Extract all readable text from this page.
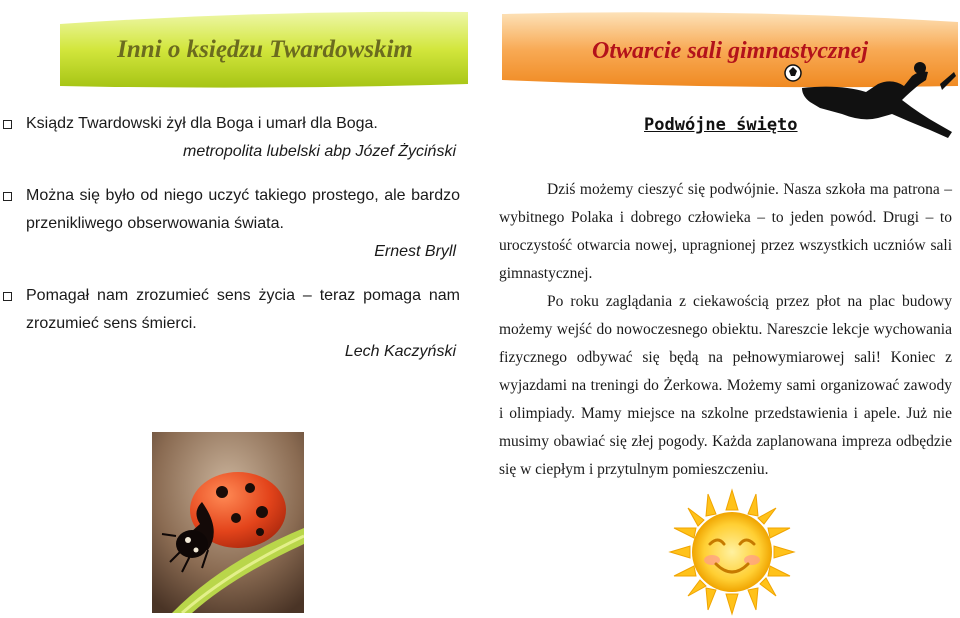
Inni o księdzu Twardowskim	Otwarcie sali gimnastycznej
Ksiądz Twardowski żył dla Boga i umarł dla Boga.
metropolita lubelski abp Józef Życiński
Można się było od niego uczyć takiego prostego, ale bardzo przenikliwego obserwowania świata.
Ernest Bryll
Pomagał nam zrozumieć sens życia – teraz pomaga nam zrozumieć sens śmierci.
Lech Kaczyński
Podwójne święto

Dziś możemy cieszyć się podwójnie. Nasza szkoła ma patrona – wybitnego Polaka i dobrego człowieka – to jeden powód. Drugi – to uroczystość otwarcia nowej, upragnionej przez wszystkich uczniów sali gimnastycznej.

Po roku zaglądania z ciekawością przez płot na plac budowy możemy wejść do nowoczesnego obiektu. Nareszcie lekcje wychowania fizycznego odbywać się będą na pełnowymiarowej sali! Koniec z wyjazdami na treningi do Żerkowa. Możemy sami organizować zawody i olimpiady. Mamy miejsce na szkolne przedstawienia i apele. Już nie musimy obawiać się złej pogody. Każda zaplanowana impreza odbędzie się w ciepłym i przytulnym pomieszczeniu.
